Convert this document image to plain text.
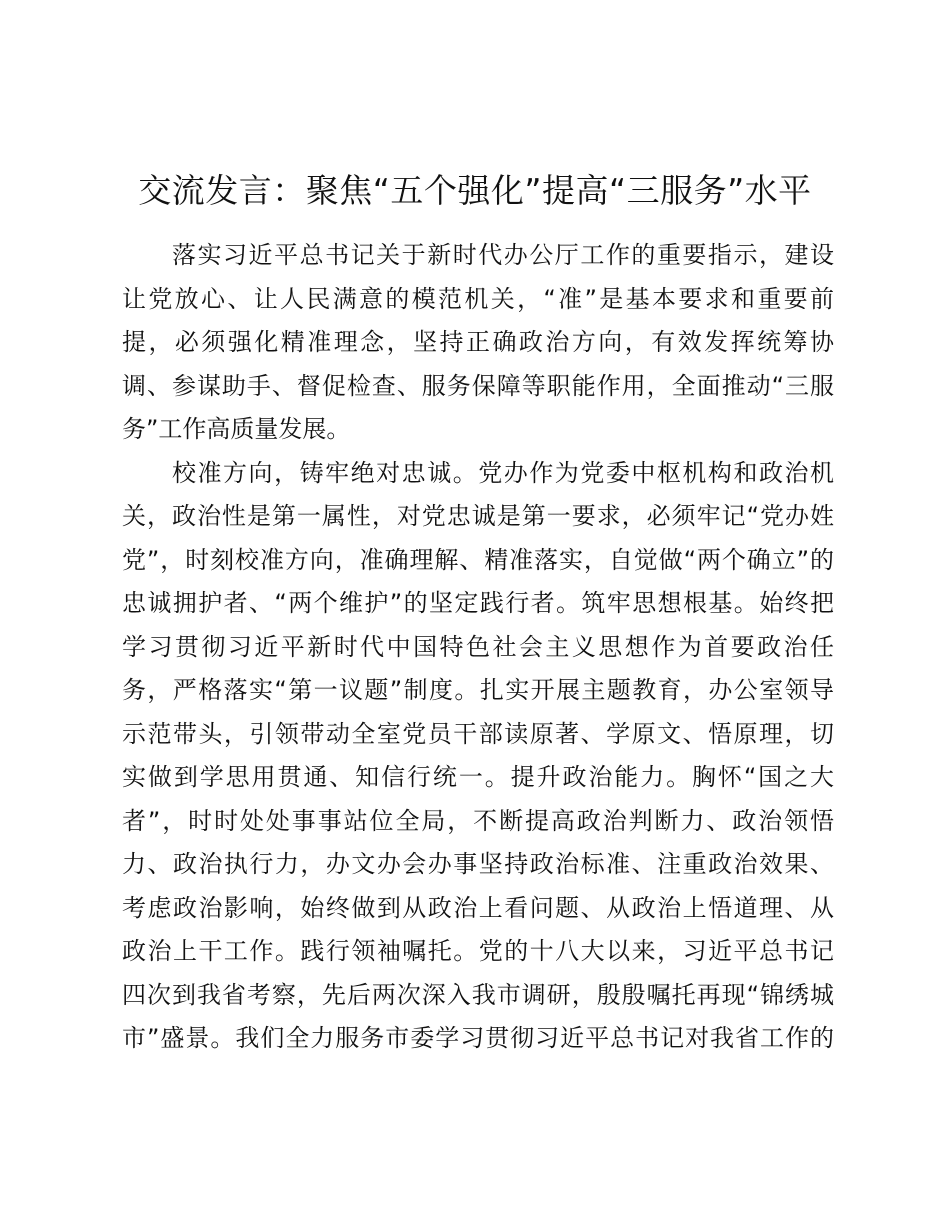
交流发言：聚焦“五个强化”提高“三服务”水平
落实习近平总书记关于新时代办公厅工作的重要指示，建设
让党放心、让人民满意的模范机关，“准”是基本要求和重要前
提，必须强化精准理念，坚持正确政治方向，有效发挥统筹协
调、参谋助手、督促检查、服务保障等职能作用，全面推动“三服
务”工作高质量发展。
校准方向，铸牢绝对忠诚。党办作为党委中枢机构和政治机
关，政治性是第一属性，对党忠诚是第一要求，必须牢记“党办姓
党”，时刻校准方向，准确理解、精准落实，自觉做“两个确立”的
忠诚拥护者、“两个维护”的坚定践行者。筑牢思想根基。始终把
学习贯彻习近平新时代中国特色社会主义思想作为首要政治任
务，严格落实“第一议题”制度。扎实开展主题教育，办公室领导
示范带头，引领带动全室党员干部读原著、学原文、悟原理，切
实做到学思用贯通、知信行统一。提升政治能力。胸怀“国之大
者”，时时处处事事站位全局，不断提高政治判断力、政治领悟
力、政治执行力，办文办会办事坚持政治标准、注重政治效果、
考虑政治影响，始终做到从政治上看问题、从政治上悟道理、从
政治上干工作。践行领袖嘱托。党的十八大以来，习近平总书记
四次到我省考察，先后两次深入我市调研，殷殷嘱托再现“锦绣城
市”盛景。我们全力服务市委学习贯彻习近平总书记对我省工作的
